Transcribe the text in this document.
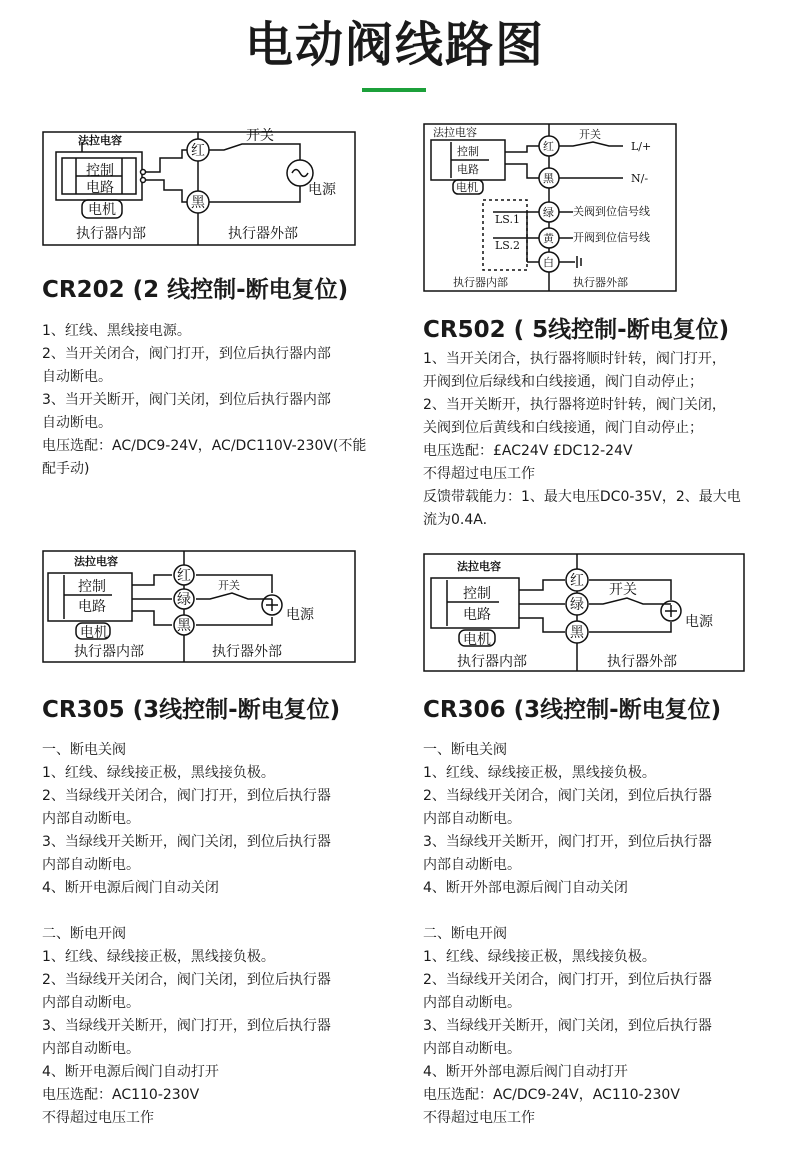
电动阀线路图
法拉电容
控制
电路
电机
红
黑
开关
电源
执行器内部	执行器外部
法拉电容
控制
电路
电机
红
黑
绿
黄
白
开关
L/+
N/-
关阀到位信号线
开阀到位信号线
LS.1
LS.2
执行器内部	执行器外部
法拉电容
控制
电路
电机
红
绿
黑
开关
电源
执行器内部	执行器外部
法拉电容
控制
电路
电机
红
绿
黑
开关
电源
执行器内部	执行器外部
CR202 (2 线控制-断电复位)
CR502 ( 5线控制-断电复位)
CR305 (3线控制-断电复位)	CR306 (3线控制-断电复位)
1、红线、黑线接电源。
2、当开关闭合，阀门打开，到位后执行器内部
自动断电。
3、当开关断开，阀门关闭，到位后执行器内部
自动断电。
电压选配：AC/DC9-24V，AC/DC110V-230V(不能
配手动)
1、当开关闭合，执行器将顺时针转，阀门打开，
开阀到位后绿线和白线接通，阀门自动停止；
2、当开关断开，执行器将逆时针转，阀门关闭，
关阀到位后黄线和白线接通，阀门自动停止；
电压选配：£AC24V £DC12-24V
不得超过电压工作
反馈带载能力：1、最大电压DC0-35V，2、最大电
流为0.4A.
一、断电关阀
1、红线、绿线接正极，黑线接负极。
2、当绿线开关闭合，阀门打开，到位后执行器
内部自动断电。
3、当绿线开关断开，阀门关闭，到位后执行器
内部自动断电。
4、断开电源后阀门自动关闭
二、断电开阀
1、红线、绿线接正极，黑线接负极。
2、当绿线开关闭合，阀门关闭，到位后执行器
内部自动断电。
3、当绿线开关断开，阀门打开，到位后执行器
内部自动断电。
4、断开电源后阀门自动打开
电压选配：AC110-230V
不得超过电压工作
一、断电关阀
1、红线、绿线接正极，黑线接负极。
2、当绿线开关闭合，阀门关闭，到位后执行器
内部自动断电。
3、当绿线开关断开，阀门打开，到位后执行器
内部自动断电。
4、断开外部电源后阀门自动关闭
二、断电开阀
1、红线、绿线接正极，黑线接负极。
2、当绿线开关闭合，阀门打开，到位后执行器
内部自动断电。
3、当绿线开关断开，阀门关闭，到位后执行器
内部自动断电。
4、断开外部电源后阀门自动打开
电压选配：AC/DC9-24V，AC110-230V
不得超过电压工作
